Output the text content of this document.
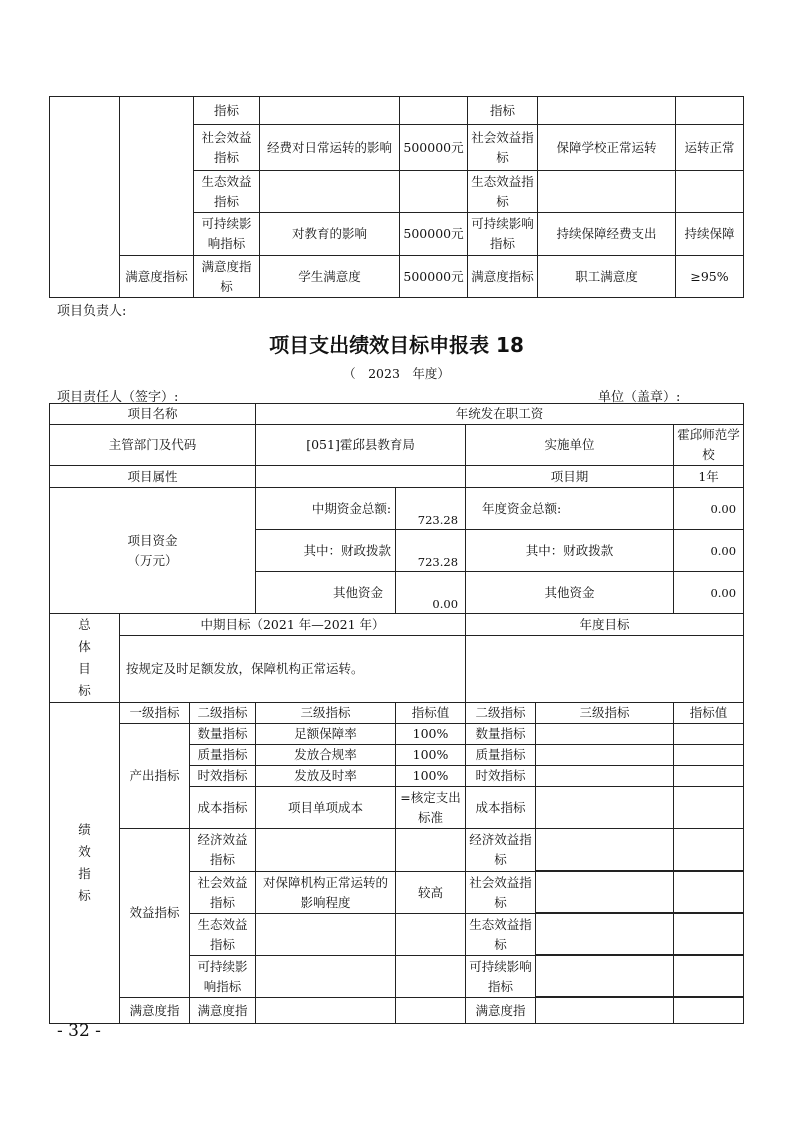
		指标			指标		
		社会效益指标	经费对日常运转的影响	500000元	社会效益指标	保障学校正常运转	运转正常
		生态效益指标			生态效益指标		
		可持续影响指标	对教育的影响	500000元	可持续影响指标	持续保障经费支出	持续保障
	满意度指标	满意度指标	学生满意度	500000元	满意度指标	职工满意度	≥95%
项目负责人:
项目支出绩效目标申报表 18
（　2023　年度）
项目责任人（签字）:	单位（盖章）:
项目名称			年统发在职工资				
主管部门及代码			[051]霍邱县教育局		实施单位		霍邱师范学校
项目属性					项目期		1年

项目资金（万元）			中期资金总额:	723.28	年度资金总额:		0.00
			其中：财政拨款	723.28	其中：财政拨款		0.00
			其他资金	0.00	其他资金		0.00

总体目标	中期目标（2021 年—2021 年）				年度目标		
	按规定及时足额发放，保障机构正常运转。						

绩效指标	一级指标	二级指标	三级指标	指标值	二级指标	三级指标	指标值
	产出指标	数量指标	足额保障率	100%	数量指标		
		质量指标	发放合规率	100%	质量指标		
		时效指标	发放及时率	100%	时效指标		
		成本指标	项目单项成本	=核定支出标准	成本指标		
	效益指标	经济效益指标			经济效益指标		

		社会效益指标	对保障机构正常运转的影响程度	较高	社会效益指标		

		生态效益指标			生态效益指标		

		可持续影响指标			可持续影响指标		

	满意度指	满意度指			满意度指		
- 32 -
